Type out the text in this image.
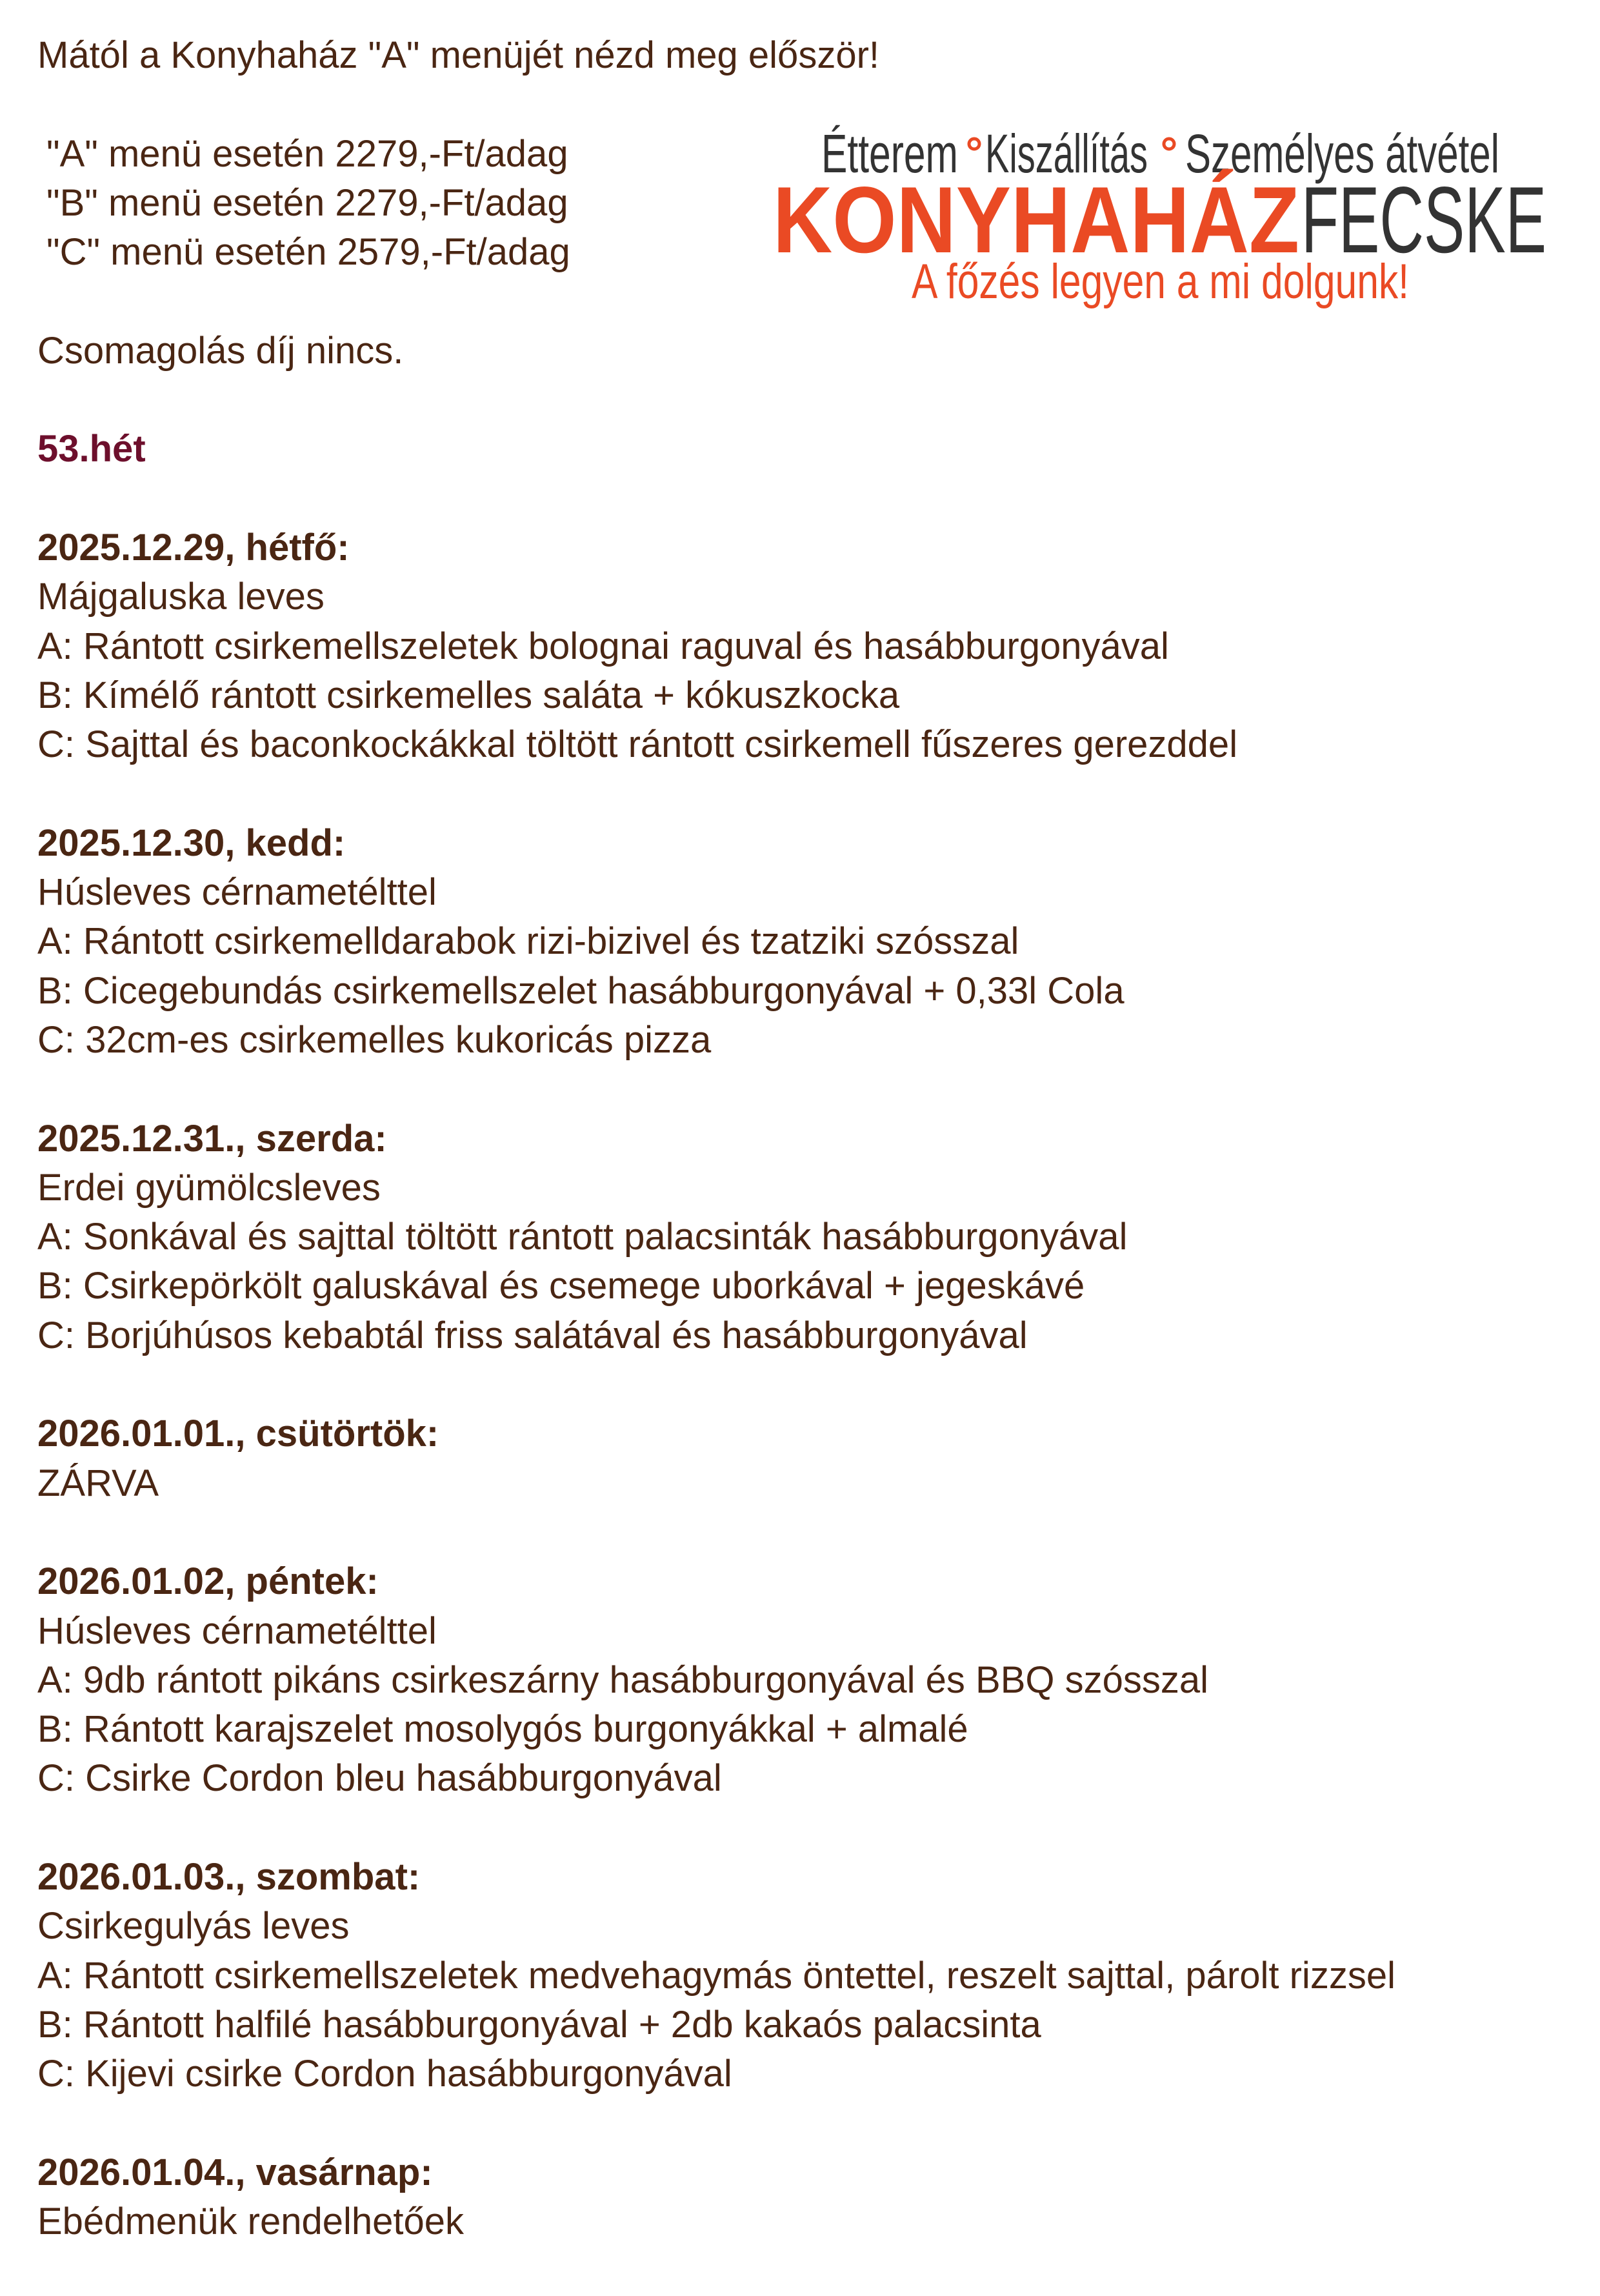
Mától a Konyhaház "A" menüjét nézd meg először!
"A" menü esetén 2279,-Ft/adag
"B" menü esetén 2279,-Ft/adag
"C" menü esetén 2579,-Ft/adag
Csomagolás díj nincs.
53.hét
2025.12.29, hétfő:
Májgaluska leves
A: Rántott csirkemellszeletek bolognai raguval és hasábburgonyával
B: Kímélő rántott csirkemelles saláta + kókuszkocka
C: Sajttal és baconkockákkal töltött rántott csirkemell fűszeres gerezddel
2025.12.30, kedd:
Húsleves cérnametélttel
A: Rántott csirkemelldarabok rizi-bizivel és tzatziki szósszal
B: Cicegebundás csirkemellszelet hasábburgonyával + 0,33l Cola
C: 32cm-es csirkemelles kukoricás pizza
2025.12.31., szerda:
Erdei gyümölcsleves
A: Sonkával és sajttal töltött rántott palacsinták hasábburgonyával
B: Csirkepörkölt galuskával és csemege uborkával + jegeskávé
C: Borjúhúsos kebabtál friss salátával és hasábburgonyával
2026.01.01., csütörtök:
ZÁRVA
2026.01.02, péntek:
Húsleves cérnametélttel
A: 9db rántott pikáns csirkeszárny hasábburgonyával és BBQ szósszal
B: Rántott karajszelet mosolygós burgonyákkal + almalé
C: Csirke Cordon bleu hasábburgonyával
2026.01.03., szombat:
Csirkegulyás leves
A: Rántott csirkemellszeletek medvehagymás öntettel, reszelt sajttal, párolt rizzsel
B: Rántott halfilé hasábburgonyával + 2db kakaós palacsinta
C: Kijevi csirke Cordon hasábburgonyával
2026.01.04., vasárnap:
Ebédmenük rendelhetőek
Étterem Kiszállítás Személyes átvétel
KONYHAHÁZ FECSKE
A főzés legyen a mi dolgunk!
